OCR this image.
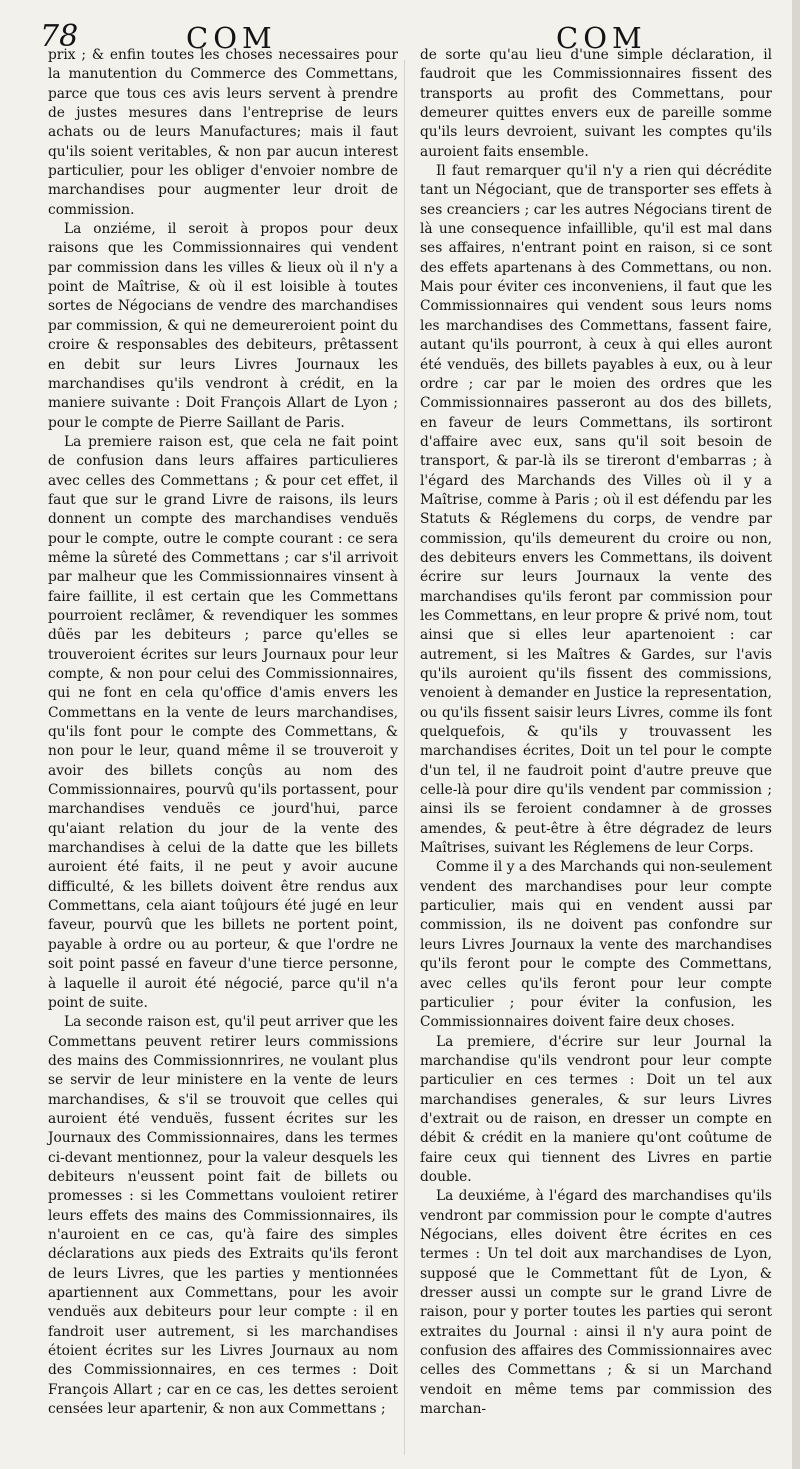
78	COM	COM

prix ; & enfin toutes les choses necessaires pour la manutention du Commerce des Commettans, parce que tous ces avis leurs servent à prendre de justes mesures dans l'entreprise de leurs achats ou de leurs Manufactures; mais il faut qu'ils soient veritables, & non par aucun interest particulier, pour les obliger d'envoier nombre de marchandises pour augmenter leur droit de commission.

La onziéme, il seroit à propos pour deux raisons que les Commissionnaires qui vendent par commission dans les villes & lieux où il n'y a point de Maîtrise, & où il est loisible à toutes sortes de Négocians de vendre des marchandises par commission, & qui ne demeureroient point du croire & responsables des debiteurs, prêtassent en debit sur leurs Livres Journaux les marchandises qu'ils vendront à crédit, en la maniere suivante : Doit François Allart de Lyon ; pour le compte de Pierre Saillant de Paris.

La premiere raison est, que cela ne fait point de confusion dans leurs affaires particulieres avec celles des Commettans ; & pour cet effet, il faut que sur le grand Livre de raisons, ils leurs donnent un compte des marchandises venduës pour le compte, outre le compte courant : ce sera même la sûreté des Commettans ; car s'il arrivoit par malheur que les Commissionnaires vinsent à faire faillite, il est certain que les Commettans pourroient reclâmer, & revendiquer les sommes dûës par les debiteurs ; parce qu'elles se trouveroient écrites sur leurs Journaux pour leur compte, & non pour celui des Commissionnaires, qui ne font en cela qu'office d'amis envers les Commettans en la vente de leurs marchandises, qu'ils font pour le compte des Commettans, & non pour le leur, quand même il se trouveroit y avoir des billets conçûs au nom des Commissionnaires, pourvû qu'ils portassent, pour marchandises venduës ce jourd'hui, parce qu'aiant relation du jour de la vente des marchandises à celui de la datte que les billets auroient été faits, il ne peut y avoir aucune difficulté, & les billets doivent être rendus aux Commettans, cela aiant toûjours été jugé en leur faveur, pourvû que les billets ne portent point, payable à ordre ou au porteur, & que l'ordre ne soit point passé en faveur d'une tierce personne, à laquelle il auroit été négocié, parce qu'il n'a point de suite.

La seconde raison est, qu'il peut arriver que les Commettans peuvent retirer leurs commissions des mains des Commissionnrires, ne voulant plus se servir de leur ministere en la vente de leurs marchandises, & s'il se trouvoit que celles qui auroient été venduës, fussent écrites sur les Journaux des Commissionnaires, dans les termes ci-devant mentionnez, pour la valeur desquels les debiteurs n'eussent point fait de billets ou promesses : si les Commettans vouloient retirer leurs effets des mains des Commissionnaires, ils n'auroient en ce cas, qu'à faire des simples déclarations aux pieds des Extraits qu'ils feront de leurs Livres, que les parties y mentionnées apartiennent aux Commettans, pour les avoir venduës aux debiteurs pour leur compte : il en fandroit user autrement, si les marchandises étoient écrites sur les Livres Journaux au nom des Commissionnaires, en ces termes : Doit François Allart ; car en ce cas, les dettes seroient censées leur apartenir, & non aux Commettans ;

de sorte qu'au lieu d'une simple déclaration, il faudroit que les Commissionnaires fissent des transports au profit des Commettans, pour demeurer quittes envers eux de pareille somme qu'ils leurs devroient, suivant les comptes qu'ils auroient faits ensemble.

Il faut remarquer qu'il n'y a rien qui décrédite tant un Négociant, que de transporter ses effets à ses creanciers ; car les autres Négocians tirent de là une consequence infaillible, qu'il est mal dans ses affaires, n'entrant point en raison, si ce sont des effets apartenans à des Commettans, ou non. Mais pour éviter ces inconveniens, il faut que les Commissionnaires qui vendent sous leurs noms les marchandises des Commettans, fassent faire, autant qu'ils pourront, à ceux à qui elles auront été venduës, des billets payables à eux, ou à leur ordre ; car par le moien des ordres que les Commissionnaires passeront au dos des billets, en faveur de leurs Commettans, ils sortiront d'affaire avec eux, sans qu'il soit besoin de transport, & par-là ils se tireront d'embarras ; à l'égard des Marchands des Villes où il y a Maîtrise, comme à Paris ; où il est défendu par les Statuts & Réglemens du corps, de vendre par commission, qu'ils demeurent du croire ou non, des debiteurs envers les Commettans, ils doivent écrire sur leurs Journaux la vente des marchandises qu'ils feront par commission pour les Commettans, en leur propre & privé nom, tout ainsi que si elles leur apartenoient : car autrement, si les Maîtres & Gardes, sur l'avis qu'ils auroient qu'ils fissent des commissions, venoient à demander en Justice la representation, ou qu'ils fissent saisir leurs Livres, comme ils font quelquefois, & qu'ils y trouvassent les marchandises écrites, Doit un tel pour le compte d'un tel, il ne faudroit point d'autre preuve que celle-là pour dire qu'ils vendent par commission ; ainsi ils se feroient condamner à de grosses amendes, & peut-être à être dégradez de leurs Maîtrises, suivant les Réglemens de leur Corps.

Comme il y a des Marchands qui non-seulement vendent des marchandises pour leur compte particulier, mais qui en vendent aussi par commission, ils ne doivent pas confondre sur leurs Livres Journaux la vente des marchandises qu'ils feront pour le compte des Commettans, avec celles qu'ils feront pour leur compte particulier ; pour éviter la confusion, les Commissionnaires doivent faire deux choses.

La premiere, d'écrire sur leur Journal la marchandise qu'ils vendront pour leur compte particulier en ces termes : Doit un tel aux marchandises generales, & sur leurs Livres d'extrait ou de raison, en dresser un compte en débit & crédit en la maniere qu'ont coûtume de faire ceux qui tiennent des Livres en partie double.

La deuxiéme, à l'égard des marchandises qu'ils vendront par commission pour le compte d'autres Négocians, elles doivent être écrites en ces termes : Un tel doit aux marchandises de Lyon, supposé que le Commettant fût de Lyon, & dresser aussi un compte sur le grand Livre de raison, pour y porter toutes les parties qui seront extraites du Journal : ainsi il n'y aura point de confusion des affaires des Commissionnaires avec celles des Commettans ; & si un Marchand vendoit en même tems par commission des marchan-
